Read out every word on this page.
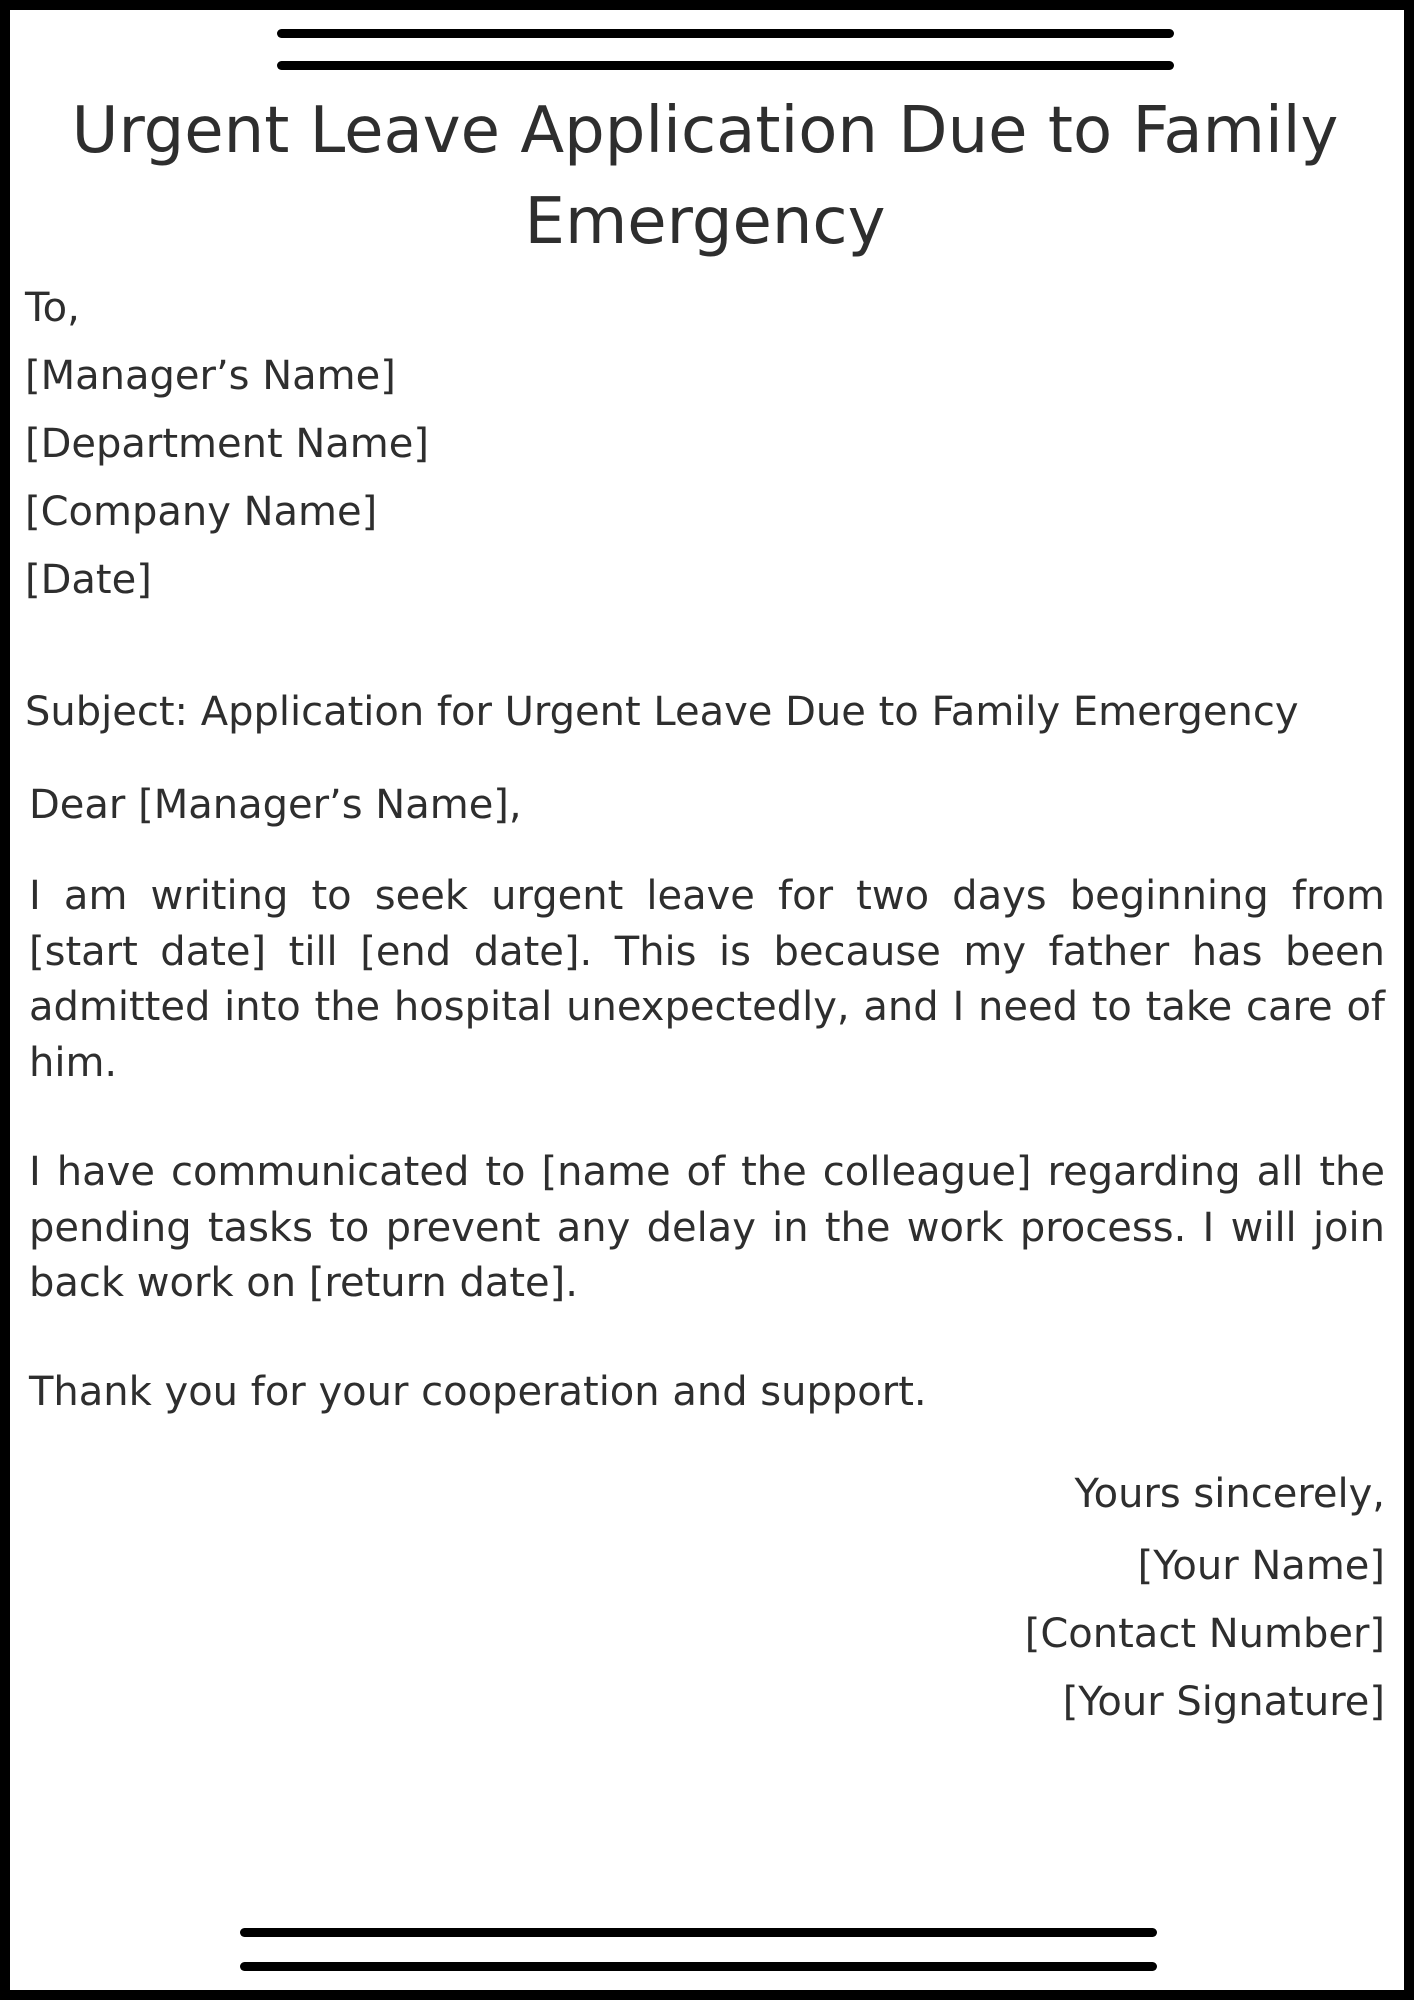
Urgent Leave Application Due to Family Emergency
To,
[Manager’s Name]
[Department Name]
[Company Name]
[Date]
Subject: Application for Urgent Leave Due to Family Emergency
Dear [Manager’s Name],

I am writing to seek urgent leave for two days beginning from [start date] till [end date]. This is because my father has been admitted into the hospital unexpectedly, and I need to take care of him.

I have communicated to [name of the colleague] regarding all the pending tasks to prevent any delay in the work process. I will join back work on [return date].

Thank you for your cooperation and support.

Yours sincerely,
[Your Name]
[Contact Number]
[Your Signature]
